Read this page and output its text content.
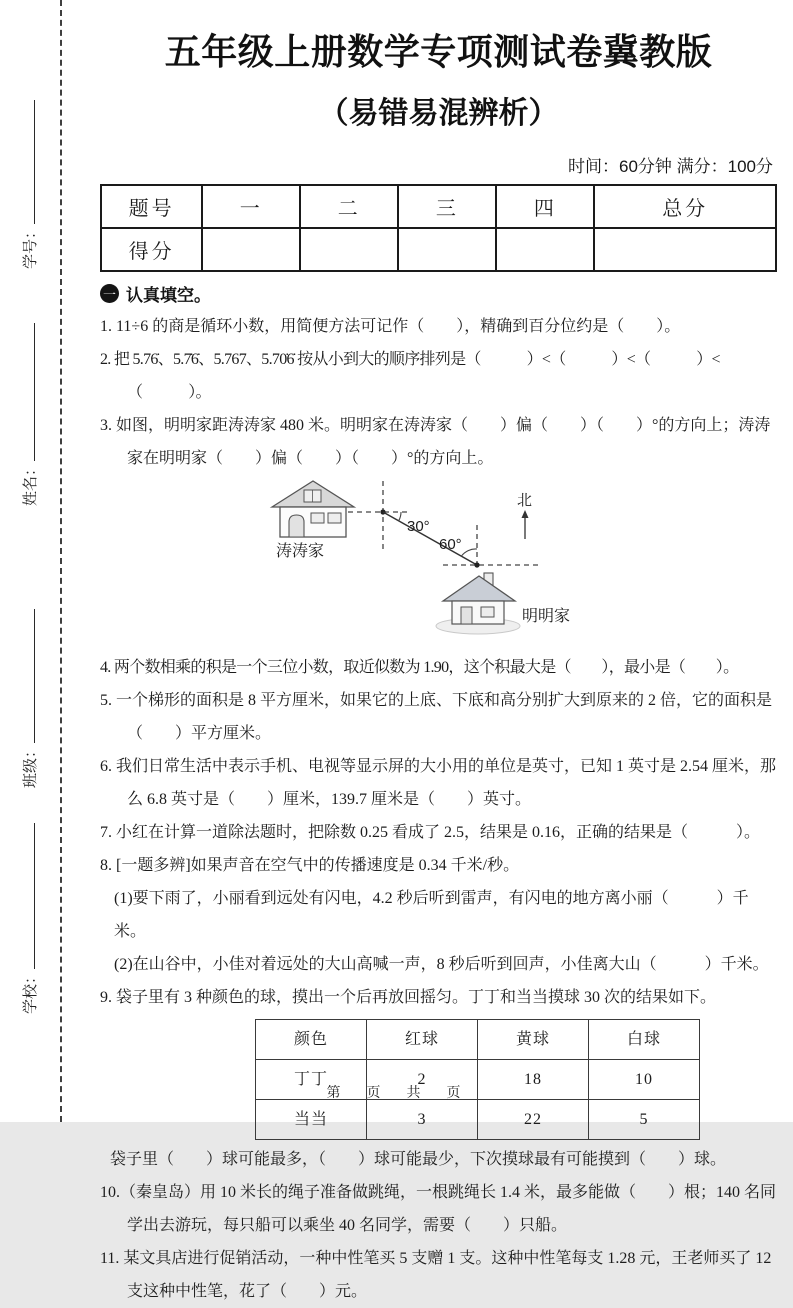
学号：
姓名：
班级：
学校：
五年级上册数学专项测试卷冀教版
（易错易混辨析）
时间：60分钟 满分：100分
题号	一	二	三	四	总分
得分					
一 认真填空。
1. 11÷6 的商是循环小数，用简便方法可记作（　　），精确到百分位约是（　　）。
2. 把 5.76̇、5.7̇6̇、5.767、5.70̇6̇ 按从小到大的顺序排列是（　　　）<（　　　）<（　　　）<（　　　）。
3. 如图，明明家距涛涛家 480 米。明明家在涛涛家（　　）偏（　　）（　　）°的方向上；涛涛家在明明家（　　）偏（　　）（　　）°的方向上。
涛涛家
30°
60°
明明家
北
4. 两个数相乘的积是一个三位小数，取近似数为 1.90，这个积最大是（　　），最小是（　　）。
5. 一个梯形的面积是 8 平方厘米，如果它的上底、下底和高分别扩大到原来的 2 倍，它的面积是（　　）平方厘米。
6. 我们日常生活中表示手机、电视等显示屏的大小用的单位是英寸，已知 1 英寸是 2.54 厘米，那么 6.8 英寸是（　　）厘米，139.7 厘米是（　　）英寸。
7. 小红在计算一道除法题时，把除数 0.25 看成了 2.5，结果是 0.16，正确的结果是（　　　）。
8. [一题多辨]如果声音在空气中的传播速度是 0.34 千米/秒。
(1)要下雨了，小丽看到远处有闪电，4.2 秒后听到雷声，有闪电的地方离小丽（　　　）千米。
(2)在山谷中，小佳对着远处的大山高喊一声，8 秒后听到回声，小佳离大山（　　　）千米。
9. 袋子里有 3 种颜色的球，摸出一个后再放回摇匀。丁丁和当当摸球 30 次的结果如下。
颜色	红球	黄球	白球
丁丁	2	18	10
当当	3	22	5
袋子里（　　）球可能最多，（　　）球可能最少，下次摸球最有可能摸到（　　）球。
10.（秦皇岛）用 10 米长的绳子准备做跳绳，一根跳绳长 1.4 米，最多能做（　　）根；140 名同学出去游玩，每只船可以乘坐 40 名同学，需要（　　）只船。
11. 某文具店进行促销活动，一种中性笔买 5 支赠 1 支。这种中性笔每支 1.28 元，王老师买了 12 支这种中性笔，花了（　　）元。
第　页　共　页
